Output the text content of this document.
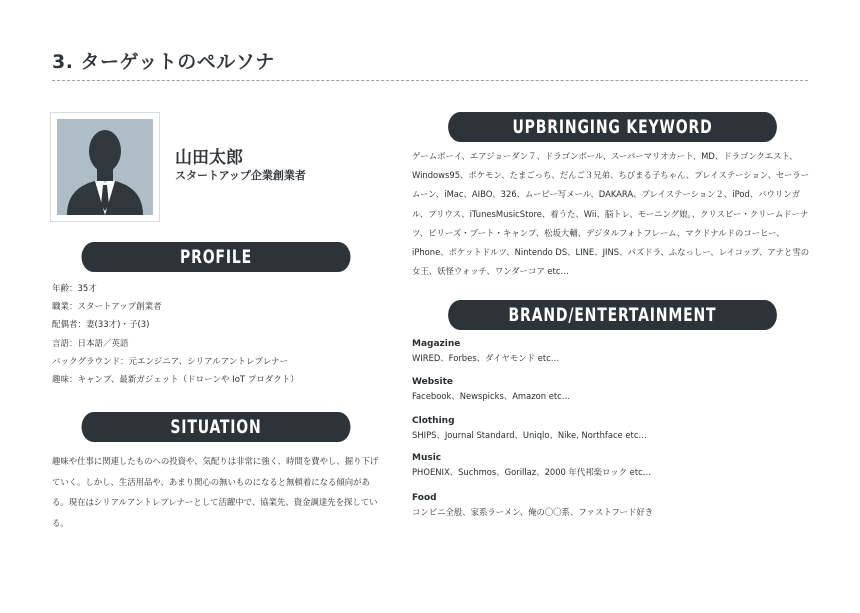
3. ターゲットのペルソナ
山田太郎
スタートアップ企業創業者
PROFILE
年齢：35才
職業：スタートアップ創業者
配偶者：妻(33才)・子(3)
言語：日本語／英語
バックグラウンド：元エンジニア、シリアルアントレプレナー
趣味：キャンプ、最新ガジェット（ドローンや IoT プロダクト）
SITUATION

趣味や仕事に関連したものへの投資や、気配りは非常に強く、時間を費やし、掘り下げていく。しかし、生活用品や、あまり関心の無いものになると無頓着になる傾向がある。現在はシリアルアントレプレナーとして活躍中で、協業先、資金調達先を探している。

UPBRINGING KEYWORD

ゲームボーイ、エアジョーダン７、ドラゴンボール、スーパーマリオカート、MD、ドラゴンクエスト、Windows95、ポケモン、たまごっち、だんご３兄弟、ちびまる子ちゃん、プレイステーション、セーラームーン、iMac、AIBO、326、ムービー写メール、DAKARA、プレイステーション２、iPod、バウリンガル、プリウス、iTunesMusicStore、着うた、Wii、脳トレ、モーニング娘。、クリスピー・クリームドーナツ、ビリーズ・ブート・キャンプ、松坂大輔、デジタルフォトフレーム、マクドナルドのコーヒー、iPhone、ポケットドルツ、Nintendo DS、LINE、JINS、パズドラ、ふなっしー、レイコップ、アナと雪の女王、妖怪ウォッチ、ワンダーコア etc…

BRAND/ENTERTAINMENT
Magazine
WIRED、Forbes、ダイヤモンド etc…
Website
Facebook、Newspicks、Amazon etc…
Clothing
SHIPS、Journal Standard、Uniqlo、Nike, Northface etc…
Music
PHOENIX、Suchmos、Gorillaz、2000 年代邦楽ロック etc…
Food
コンビニ全般、家系ラーメン、俺の〇〇系、ファストフード好き
